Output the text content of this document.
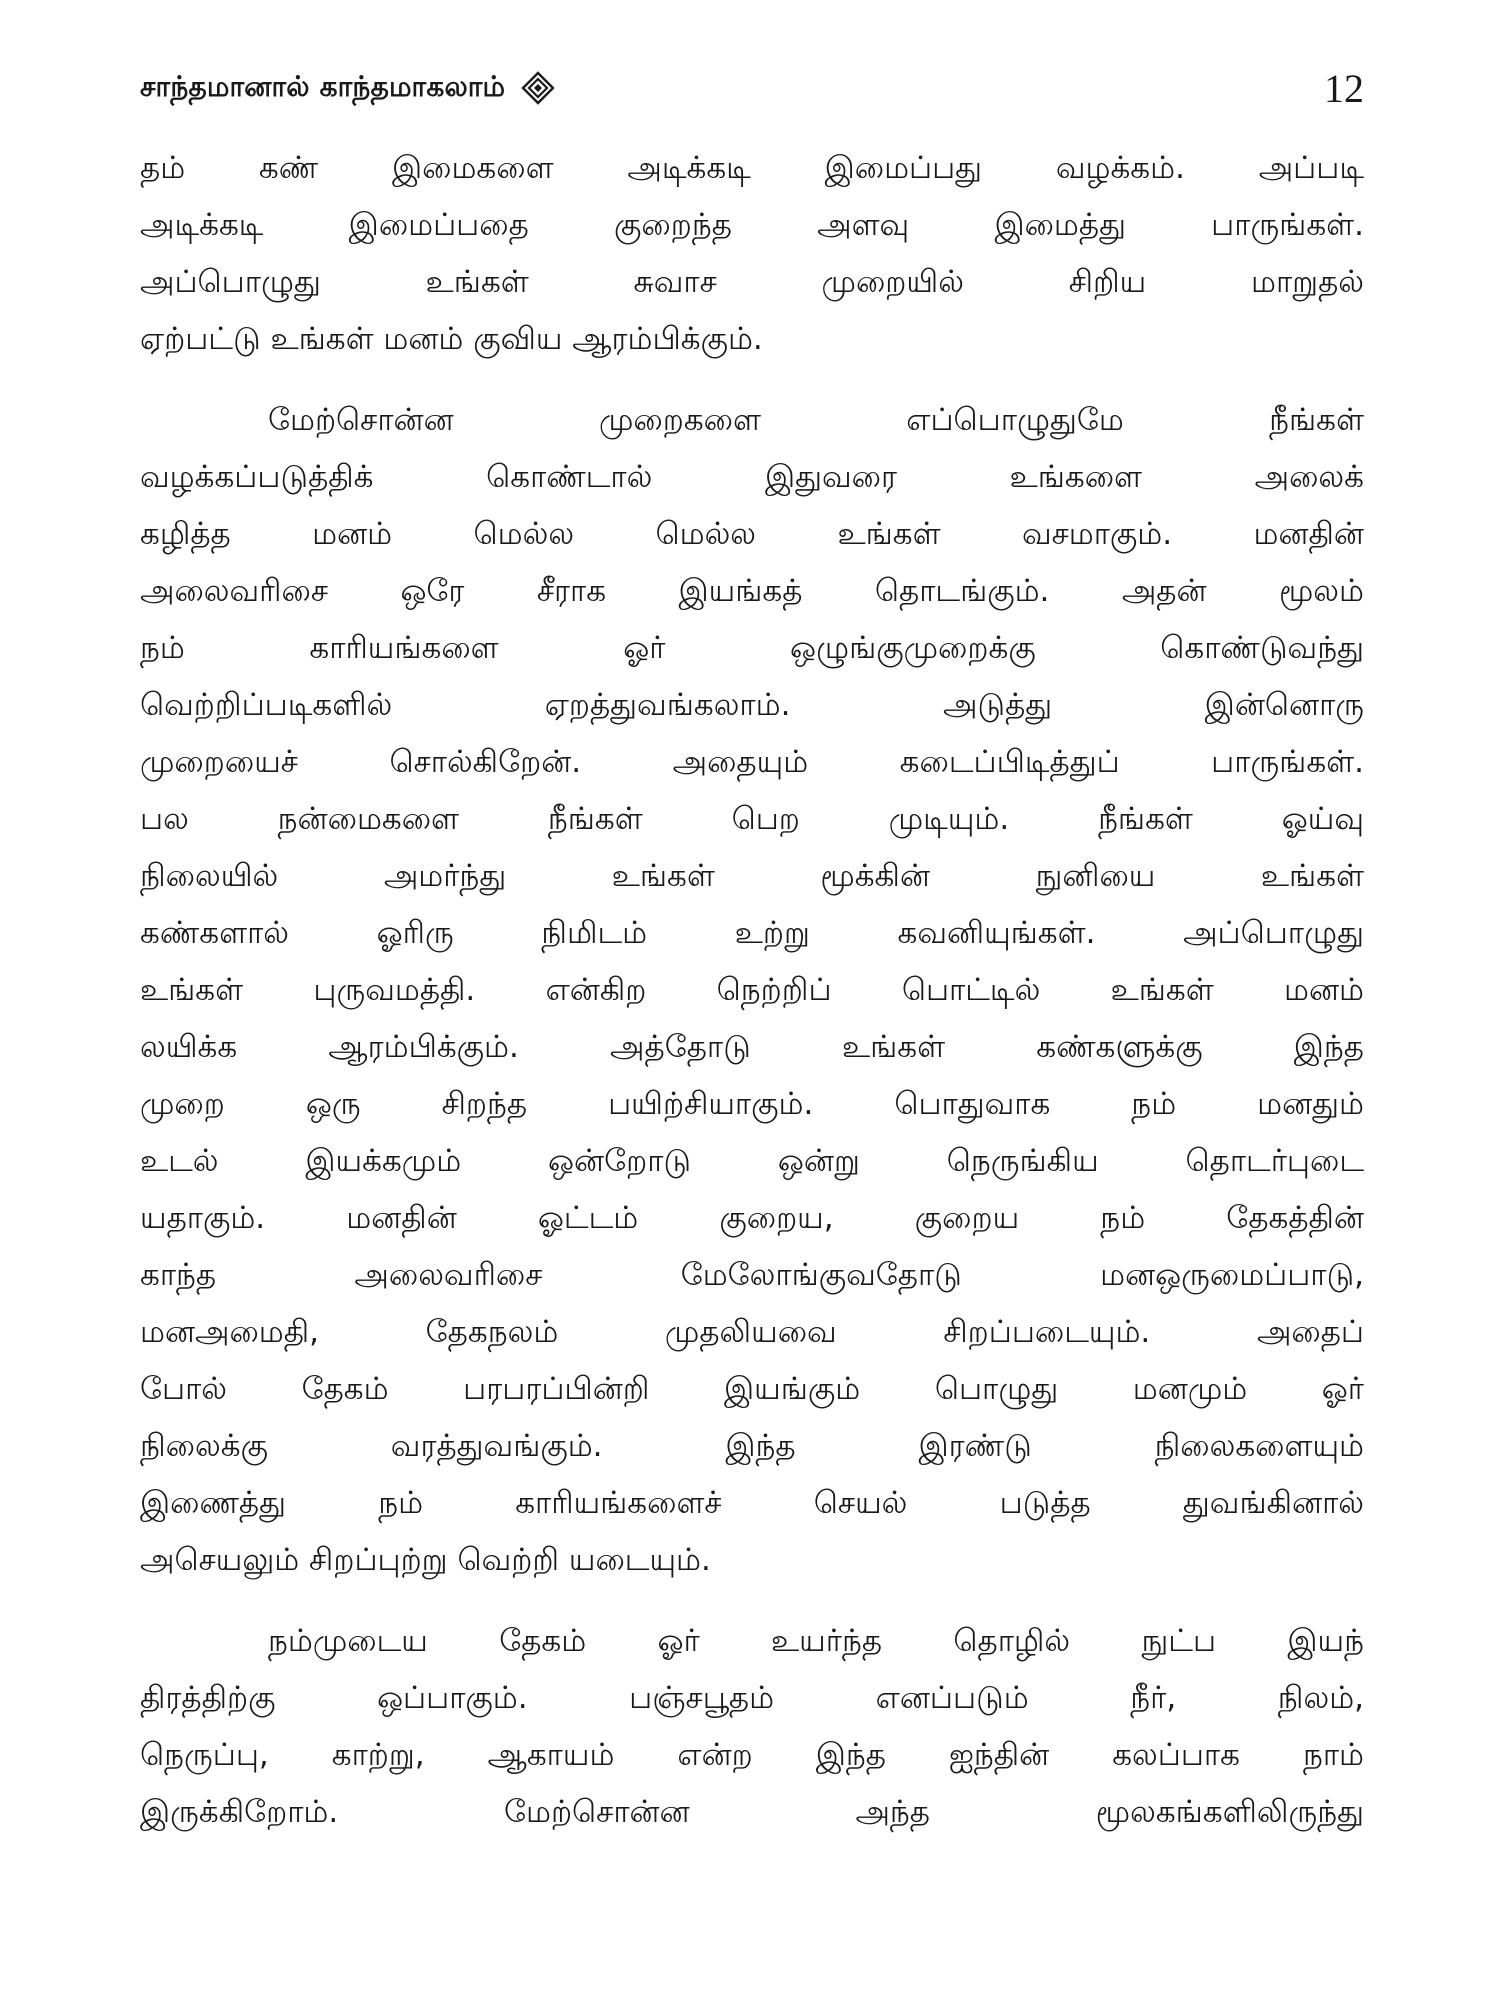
சாந்தமானால் காந்தமாகலாம்	12
தம் கண் இமைகளை அடிக்கடி இமைப்பது வழக்கம். அப்படி
அடிக்கடி இமைப்பதை குறைந்த அளவு இமைத்து பாருங்கள்.
அப்பொழுது உங்கள் சுவாச முறையில் சிறிய மாறுதல்
ஏற்பட்டு உங்கள் மனம் குவிய ஆரம்பிக்கும்.
மேற்சொன்ன முறைகளை எப்பொழுதுமே நீங்கள்
வழக்கப்படுத்திக் கொண்டால் இதுவரை உங்களை அலைக்
கழித்த மனம் மெல்ல மெல்ல உங்கள் வசமாகும். மனதின்
அலைவரிசை ஒரே சீராக இயங்கத் தொடங்கும். அதன் மூலம்
நம் காரியங்களை ஓர் ஒழுங்குமுறைக்கு கொண்டுவந்து
வெற்றிப்படிகளில் ஏறத்துவங்கலாம். அடுத்து இன்னொரு
முறையைச் சொல்கிறேன். அதையும் கடைப்பிடித்துப் பாருங்கள்.
பல நன்மைகளை நீங்கள் பெற முடியும். நீங்கள் ஓய்வு
நிலையில் அமர்ந்து உங்கள் மூக்கின் நுனியை உங்கள்
கண்களால் ஓரிரு நிமிடம் உற்று கவனியுங்கள். அப்பொழுது
உங்கள் புருவமத்தி. என்கிற நெற்றிப் பொட்டில் உங்கள் மனம்
லயிக்க ஆரம்பிக்கும். அத்தோடு உங்கள் கண்களுக்கு இந்த
முறை ஒரு சிறந்த பயிற்சியாகும். பொதுவாக நம் மனதும்
உடல் இயக்கமும் ஒன்றோடு ஒன்று நெருங்கிய தொடர்புடை
யதாகும். மனதின் ஓட்டம் குறைய, குறைய நம் தேகத்தின்
காந்த அலைவரிசை மேலோங்குவதோடு மனஒருமைப்பாடு,
மனஅமைதி, தேகநலம் முதலியவை சிறப்படையும். அதைப்
போல் தேகம் பரபரப்பின்றி இயங்கும் பொழுது மனமும் ஓர்
நிலைக்கு வரத்துவங்கும். இந்த இரண்டு நிலைகளையும்
இணைத்து நம் காரியங்களைச் செயல் படுத்த துவங்கினால்
அசெயலும் சிறப்புற்று வெற்றி யடையும்.
நம்முடைய தேகம் ஓர் உயர்ந்த தொழில் நுட்ப இயந்
திரத்திற்கு ஒப்பாகும். பஞ்சபூதம் எனப்படும் நீர், நிலம்,
நெருப்பு, காற்று, ஆகாயம் என்ற இந்த ஐந்தின் கலப்பாக நாம்
இருக்கிறோம். மேற்சொன்ன அந்த மூலகங்களிலிருந்து
